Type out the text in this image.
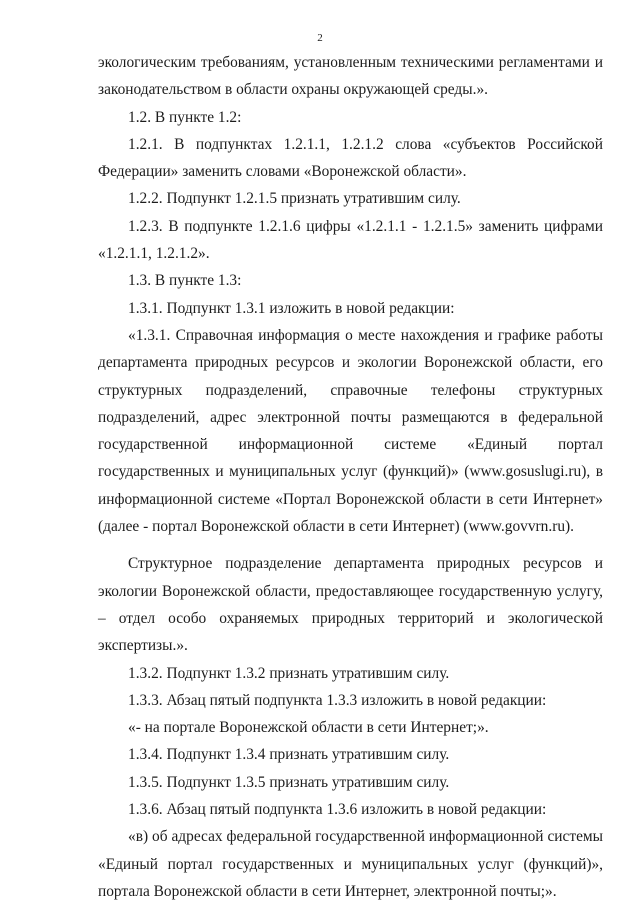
2

экологическим требованиям, установленным техническими регламентами и законодательством в области охраны окружающей среды.».

1.2. В пункте 1.2:

1.2.1. В подпунктах 1.2.1.1, 1.2.1.2 слова «субъектов Российской Федерации» заменить словами «Воронежской области».

1.2.2. Подпункт 1.2.1.5 признать утратившим силу.

1.2.3. В подпункте 1.2.1.6 цифры «1.2.1.1 - 1.2.1.5» заменить цифрами «1.2.1.1, 1.2.1.2».

1.3. В пункте 1.3:

1.3.1. Подпункт 1.3.1 изложить в новой редакции:

«1.3.1. Справочная информация о месте нахождения и графике работы департамента природных ресурсов и экологии Воронежской области, его структурных подразделений, справочные телефоны структурных подразделений, адрес электронной почты размещаются в федеральной государственной информационной системе «Единый портал государственных и муниципальных услуг (функций)» (www.gosuslugi.ru), в информационной системе «Портал Воронежской области в сети Интернет» (далее - портал Воронежской области в сети Интернет) (www.govvrn.ru).

Структурное подразделение департамента природных ресурсов и экологии Воронежской области, предоставляющее государственную услугу, – отдел особо охраняемых природных территорий и экологической экспертизы.».

1.3.2. Подпункт 1.3.2 признать утратившим силу.

1.3.3. Абзац пятый подпункта 1.3.3 изложить в новой редакции:

«- на портале Воронежской области в сети Интернет;».

1.3.4. Подпункт 1.3.4 признать утратившим силу.

1.3.5. Подпункт 1.3.5 признать утратившим силу.

1.3.6. Абзац пятый подпункта 1.3.6 изложить в новой редакции:

«в) об адресах федеральной государственной информационной системы «Единый портал государственных и муниципальных услуг (функций)», портала Воронежской области в сети Интернет, электронной почты;».
